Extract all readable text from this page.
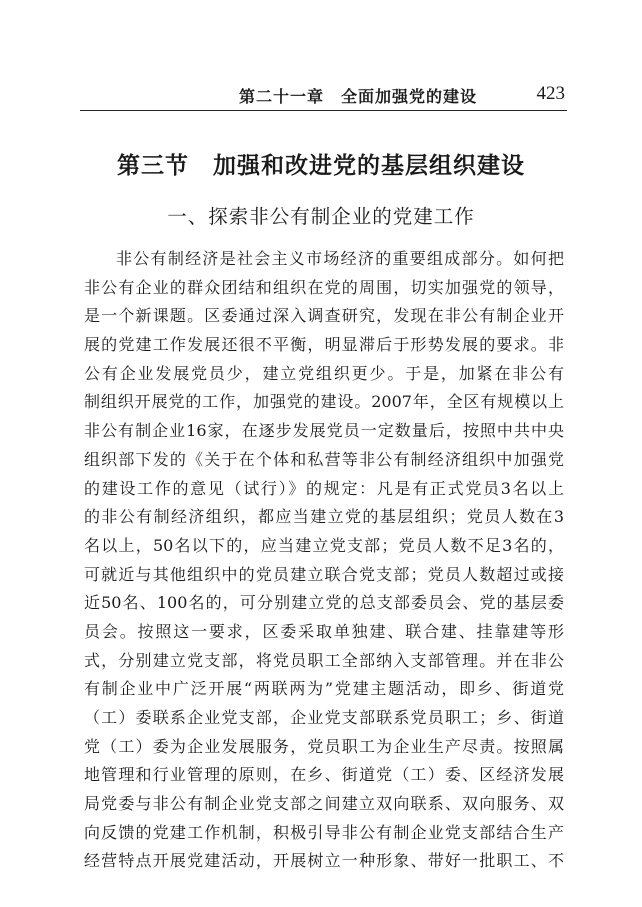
第二十一章　全面加强党的建设	423
第三节　加强和改进党的基层组织建设
一、探索非公有制企业的党建工作
非公有制经济是社会主义市场经济的重要组成部分。如何把
非公有企业的群众团结和组织在党的周围，切实加强党的领导，
是一个新课题。区委通过深入调查研究，发现在非公有制企业开
展的党建工作发展还很不平衡，明显滞后于形势发展的要求。非
公有企业发展党员少，建立党组织更少。于是，加紧在非公有
制组织开展党的工作，加强党的建设。2007年，全区有规模以上
非公有制企业16家，在逐步发展党员一定数量后，按照中共中央
组织部下发的《关于在个体和私营等非公有制经济组织中加强党
的建设工作的意见（试行）》的规定：凡是有正式党员3名以上
的非公有制经济组织，都应当建立党的基层组织；党员人数在3
名以上，50名以下的，应当建立党支部；党员人数不足3名的，
可就近与其他组织中的党员建立联合党支部；党员人数超过或接
近50名、100名的，可分别建立党的总支部委员会、党的基层委
员会。按照这一要求，区委采取单独建、联合建、挂靠建等形
式，分别建立党支部，将党员职工全部纳入支部管理。并在非公
有制企业中广泛开展“两联两为”党建主题活动，即乡、街道党
（工）委联系企业党支部，企业党支部联系党员职工；乡、街道
党（工）委为企业发展服务，党员职工为企业生产尽责。按照属
地管理和行业管理的原则，在乡、街道党（工）委、区经济发展
局党委与非公有制企业党支部之间建立双向联系、双向服务、双
向反馈的党建工作机制，积极引导非公有制企业党支部结合生产
经营特点开展党建活动，开展树立一种形象、带好一批职工、不
